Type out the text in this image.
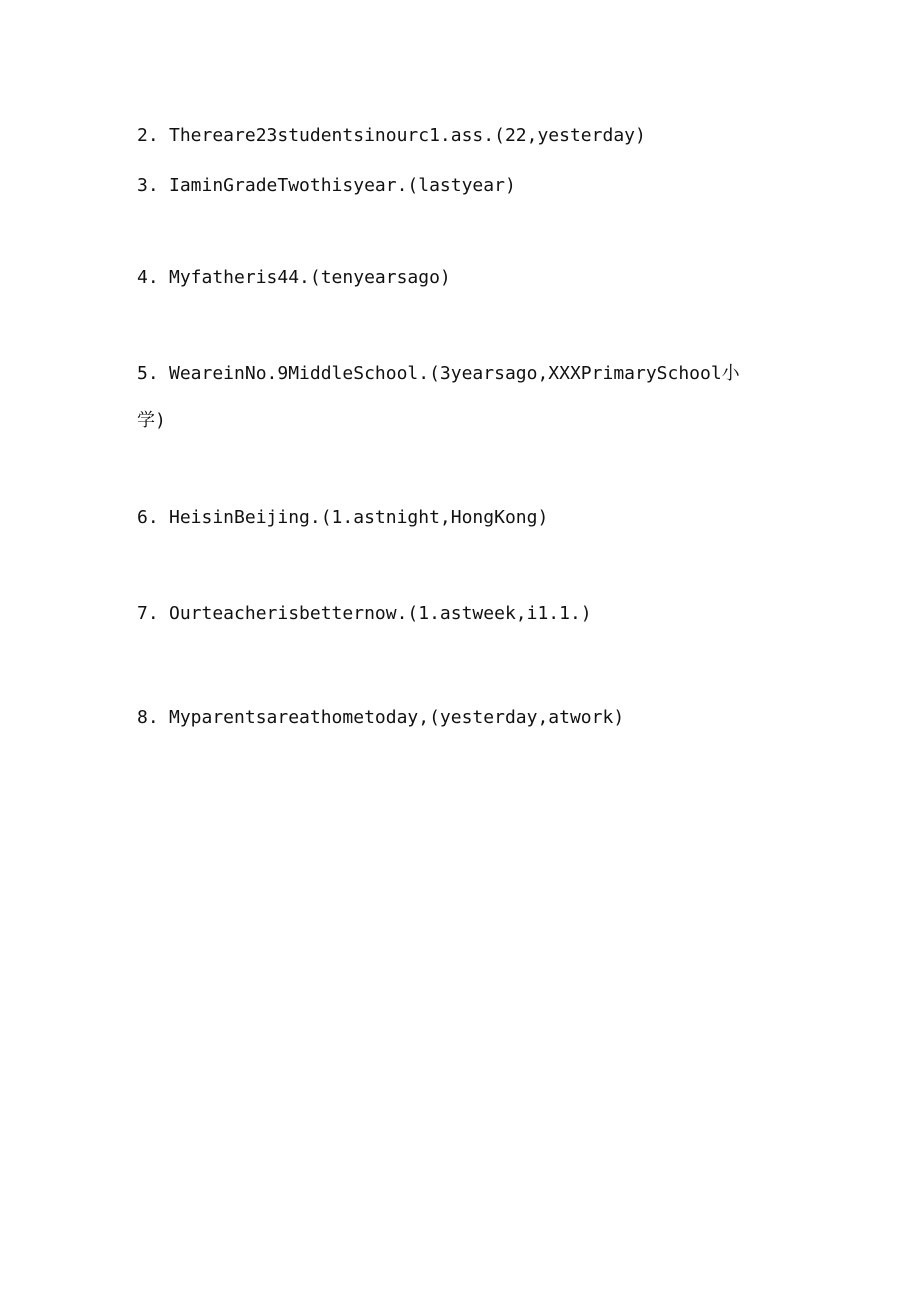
2. Thereare23studentsinourc1.ass.(22,yesterday)
3. IaminGradeTwothisyear.(lastyear)
4. Myfatheris44.(tenyearsago)
5. WeareinNo.9MiddleSchool.(3yearsago,XXXPrimarySchool小
学)
6. HeisinBeijing.(1.astnight,HongKong)
7. Ourteacherisbetternow.(1.astweek,i1.1.)
8. Myparentsareathometoday,(yesterday,atwork)
